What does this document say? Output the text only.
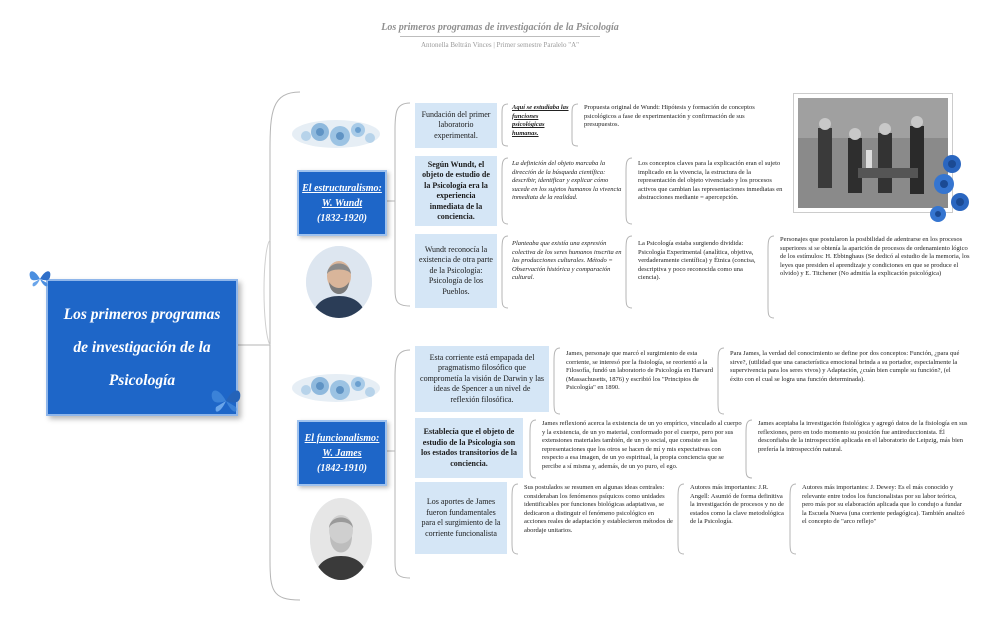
Los primeros programas de investigación de la Psicología
Antonella Beltrán Vinces | Primer semestre Paralelo "A"
Los primeros programas de investigación de la Psicología
El estructuralismo:
W. Wundt
(1832-1920)
El funcionalismo:
W. James
(1842-1910)
Fundación del primer laboratorio experimental.
Aquí se estudiaba las funciones psicológicas humanas.
Propuesta original de Wundt: Hipótesis y formación de conceptos psicológicos a fase de experimentación y confirmación de sus presupuestos.
Según Wundt, el objeto de estudio de la Psicología era la experiencia inmediata de la conciencia.
La definición del objeto marcaba la dirección de la búsqueda científica: describir, identificar y explicar cómo sucede en los sujetos humanos la vivencia inmediata de la realidad.
Los conceptos claves para la explicación eran el sujeto implicado en la vivencia, la estructura de la representación del objeto vivenciado y los procesos activos que cambian las representaciones inmediatas en abstracciones mediante = apercepción.
Wundt reconocía la existencia de otra parte de la Psicología: Psicología de los Pueblos.
Planteaba que existía una expresión colectiva de los seres humanos inscrita en las producciones culturales. Método = Observación histórica y comparación cultural.
La Psicología estaba surgiendo dividida: Psicología Experimental (analítica, objetiva, verdaderamente científica) y Étnica (concisa, descriptiva y poco reconocida como una ciencia).
Personajes que postularon la posibilidad de adentrarse en los procesos superiores si se obtenía la aparición de procesos de ordenamiento lógico de los estímulos: H. Ebbinghaus (Se dedicó al estudio de la memoria, los leyes que presiden el aprendizaje y condiciones en que se produce el olvido) y E. Titchener (No admitía la explicación psicológica)
Esta corriente está empapada del pragmatismo filosófico que comprometía la visión de Darwin y las ideas de Spencer a un nivel de reflexión filosófica.
James, personaje que marcó el surgimiento de esta corriente, se interesó por la fisiología, se reorientó a la Filosofía, fundó un laboratorio de Psicología en Harvard (Massachusetts, 1876) y escribió los "Principios de Psicología" en 1890.
Para James, la verdad del conocimiento se define por dos conceptos: Función, ¿para qué sirve?, (utilidad que una característica emocional brinda a su portador, especialmente la supervivencia para los seres vivos) y Adaptación, ¿cuán bien cumple su función?, (el éxito con el cual se logra una función determinada).
Establecía que el objeto de estudio de la Psicología son los estados transitorios de la conciencia.
James reflexionó acerca la existencia de un yo empírico, vinculado al cuerpo y la existencia, de un yo material, conformado por el cuerpo, pero por sus extensiones materiales también, de un yo social, que consiste en las representaciones que los otros se hacen de mí y mis expectativas con respecto a esa imagen, de un yo espiritual, la propia conciencia que se percibe a sí misma y, además, de un yo puro, el ego.
James aceptaba la investigación fisiológica y agregó datos de la fisiología en sus reflexiones, pero en todo momento su posición fue antireduccionista. Él desconfiaba de la introspección aplicada en el laboratorio de Leipzig, más bien prefería la introspección natural.
Los aportes de James fueron fundamentales para el surgimiento de la corriente funcionalista
Sus postulados se resumen en algunas ideas centrales: consideraban los fenómenos psíquicos como unidades identificables por funciones biológicas adaptativas, se dedicaron a distinguir el fenómeno psicológico en acciones reales de adaptación y establecieron métodos de abordaje unitarios.
Autores más importantes: J.R. Angell: Asumió de forma definitiva la investigación de procesos y no de estados como la clave metodológica de la Psicología.
Autores más importantes: J. Dewey: Es el más conocido y relevante entre todos los funcionalistas por su labor teórica, pero más por su elaboración aplicada que lo condujo a fundar la Escuela Nueva (una corriente pedagógica). También analizó el concepto de "arco reflejo"
